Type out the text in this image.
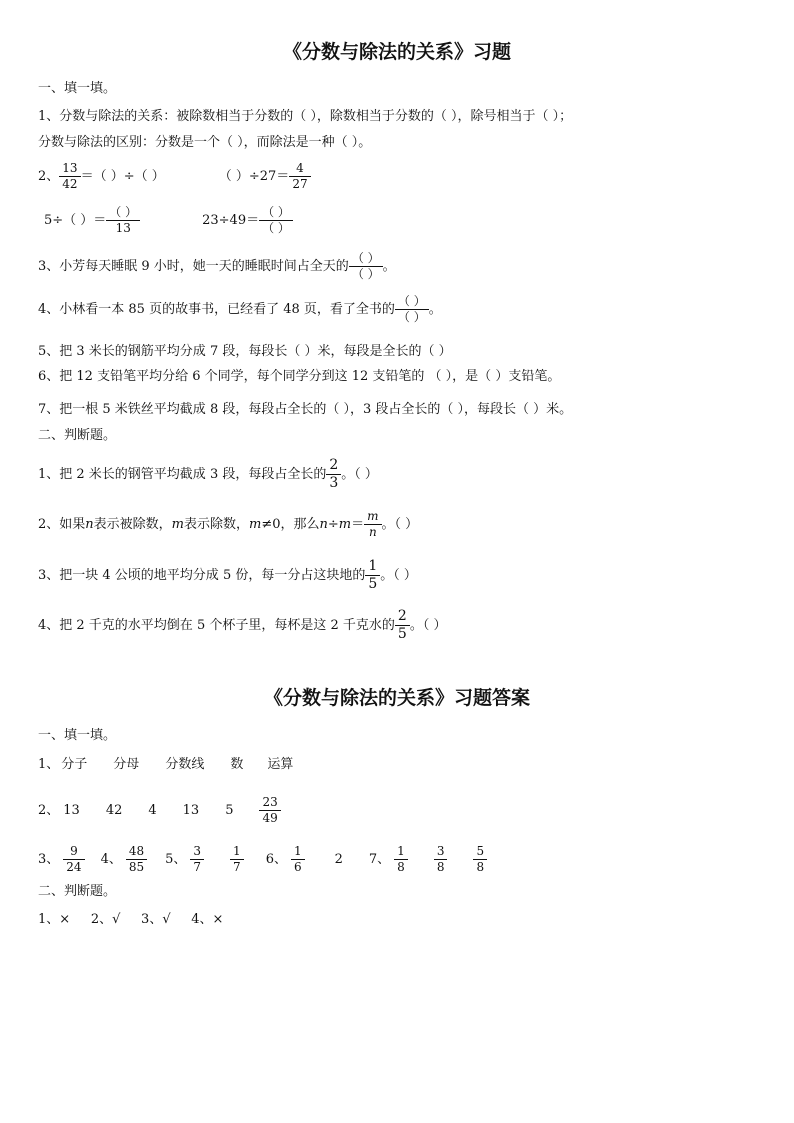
《分数与除法的关系》习题
一、填一填。
1、分数与除法的关系：被除数相当于分数的（ ），除数相当于分数的（ ），除号相当于（ ）；
分数与除法的区别：分数是一个（ ），而除法是一种（ ）。
2、 $\frac{13}{42}$ ＝（ ）÷（ ）	（ ）$\div 27= \frac{4}{27}$
5÷（ ）＝ $\frac{( )}{13}$	$23\div 49= \frac{( )}{( )}$
3、小芳每天睡眠 9 小时，她一天的睡眠时间占全天的 $\frac{( )}{( )}$ 。
4、小林看一本 85 页的故事书，已经看了 48 页，看了全书的 $\frac{( )}{( )}$ 。
5、把 3 米长的钢筋平均分成 7 段，每段长（ ）米，每段是全长的（ ）
6、把 12 支铅笔平均分给 6 个同学，每个同学分到这 12 支铅笔的 （ ），是（ ）支铅笔。
7、把一根 5 米铁丝平均截成 8 段，每段占全长的（ ），3 段占全长的（ ），每段长（ ）米。
二、判断题。
1、把 2 米长的钢管平均截成 3 段，每段占全长的 $\frac{2}{3}$ 。（ ）
2、如果n表示被除数，m表示除数，m≠0，那么$n\div m= \frac{m}{n}$ 。（ ）
3、把一块 4 公顷的地平均分成 5 份，每一分占这块地的 $\frac{1}{5}$ 。（ ）
4、把 2 千克的水平均倒在 5 个杯子里，每杯是这 2 千克水的 $\frac{2}{5}$ 。（ ）
《分数与除法的关系》习题答案
一、填一填。
1、 分子 分母 分数线 数 运算
2、 13 42 4 13 $5 \frac{23}{49}$
3、 $\frac{9}{24} 4$、 $\frac{48}{85} 5$、 $\frac{3}{7} \frac{1}{7} 6$、 $\frac{1}{6} 2$ 7、 $\frac{1}{8} \frac{3}{8} \frac{5}{8}$
二、判断题。
1、×     2、√     3、√     4、×
